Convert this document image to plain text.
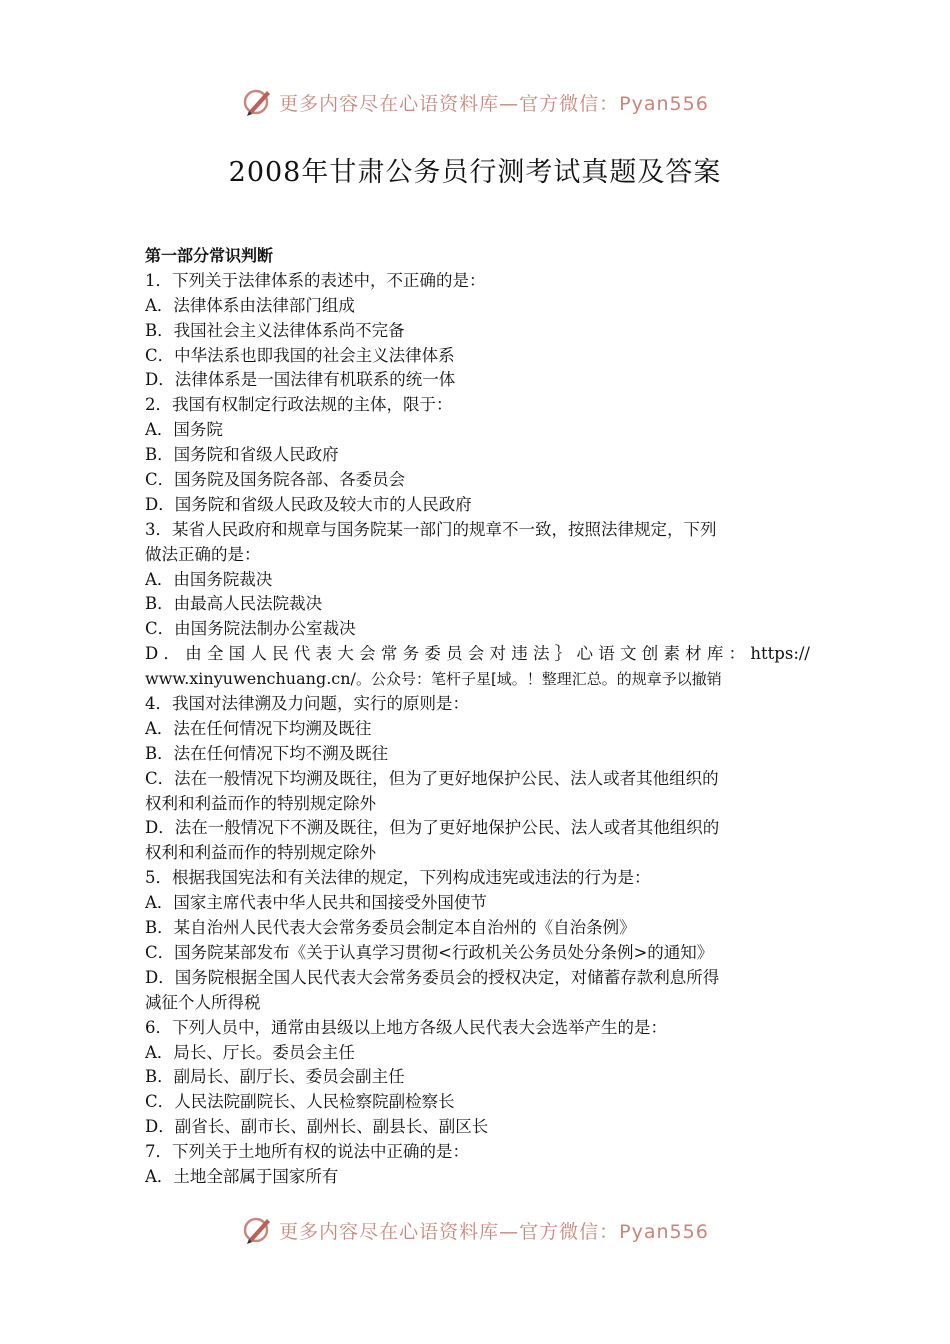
更多内容尽在心语资料库—官方微信：Pyan556
2008年甘肃公务员行测考试真题及答案
第一部分常识判断
1．下列关于法律体系的表述中，不正确的是：
A．法律体系由法律部门组成
B．我国社会主义法律体系尚不完备
C．中华法系也即我国的社会主义法律体系
D．法律体系是一国法律有机联系的统一体
2．我国有权制定行政法规的主体，限于：
A．国务院
B．国务院和省级人民政府
C．国务院及国务院各部、各委员会
D．国务院和省级人民政及较大市的人民政府
3．某省人民政府和规章与国务院某一部门的规章不一致，按照法律规定，下列
做法正确的是：
A．由国务院裁决
B．由最高人民法院裁决
C．由国务院法制办公室裁决
D．由全国人民代表大会常务委员会对违法｝心语文创素材库：https://
www.xinyuwenchuang.cn/。公众号：笔杆子星[域。！整理汇总。的规章予以撤销
4．我国对法律溯及力问题，实行的原则是：
A．法在任何情况下均溯及既往
B．法在任何情况下均不溯及既往
C．法在一般情况下均溯及既往，但为了更好地保护公民、法人或者其他组织的
权利和利益而作的特别规定除外
D．法在一般情况下不溯及既往，但为了更好地保护公民、法人或者其他组织的
权利和利益而作的特别规定除外
5．根据我国宪法和有关法律的规定，下列构成违宪或违法的行为是：
A．国家主席代表中华人民共和国接受外国使节
B．某自治州人民代表大会常务委员会制定本自治州的《自治条例》
C．国务院某部发布《关于认真学习贯彻<行政机关公务员处分条例>的通知》
D．国务院根据全国人民代表大会常务委员会的授权决定，对储蓄存款利息所得
减征个人所得税
6．下列人员中，通常由县级以上地方各级人民代表大会选举产生的是：
A．局长、厅长。委员会主任
B．副局长、副厅长、委员会副主任
C．人民法院副院长、人民检察院副检察长
D．副省长、副市长、副州长、副县长、副区长
7．下列关于土地所有权的说法中正确的是：
A．土地全部属于国家所有
更多内容尽在心语资料库—官方微信：Pyan556
